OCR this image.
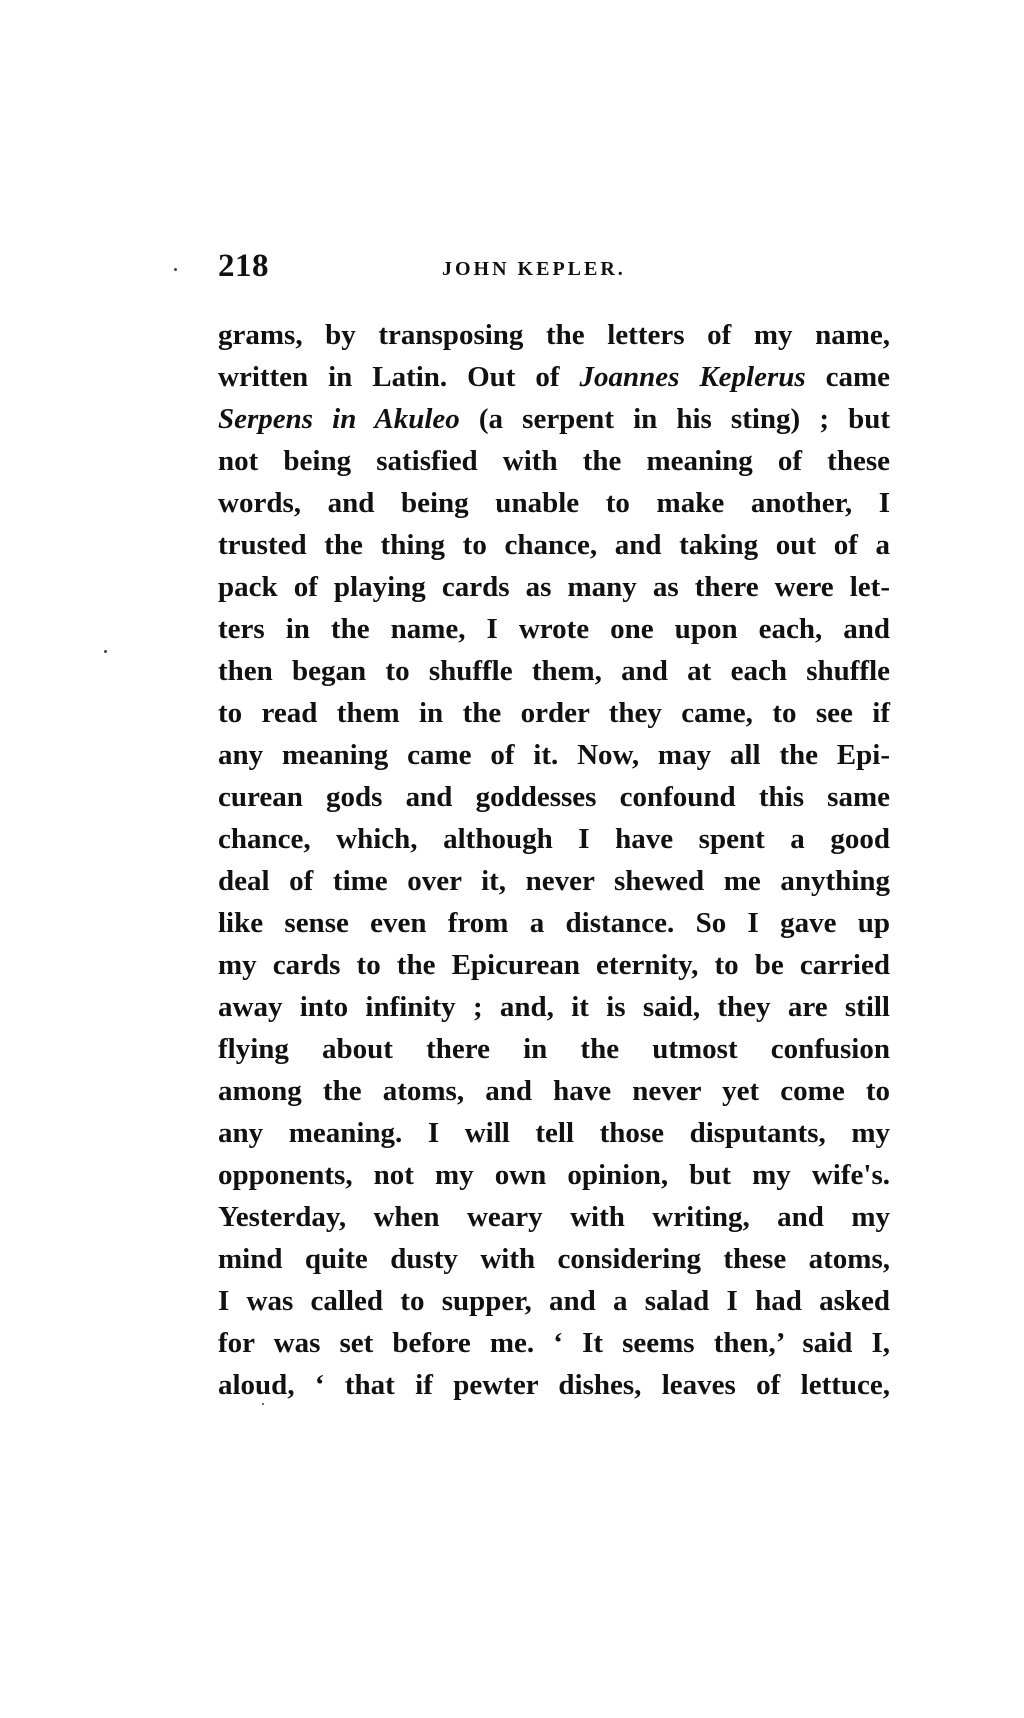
218	JOHN KEPLER.
grams, by transposing the letters of my name,
written in Latin. Out of Joannes Keplerus came
Serpens in Akuleo (a serpent in his sting) ; but
not being satisfied with the meaning of these
words, and being unable to make another, I
trusted the thing to chance, and taking out of a
pack of playing cards as many as there were let-
ters in the name, I wrote one upon each, and
then began to shuffle them, and at each shuffle
to read them in the order they came, to see if
any meaning came of it. Now, may all the Epi-
curean gods and goddesses confound this same
chance, which, although I have spent a good
deal of time over it, never shewed me anything
like sense even from a distance. So I gave up
my cards to the Epicurean eternity, to be carried
away into infinity ; and, it is said, they are still
flying about there in the utmost confusion
among the atoms, and have never yet come to
any meaning. I will tell those disputants, my
opponents, not my own opinion, but my wife's.
Yesterday, when weary with writing, and my
mind quite dusty with considering these atoms,
I was called to supper, and a salad I had asked
for was set before me. ‘ It seems then,’ said I,
aloud, ‘ that if pewter dishes, leaves of lettuce,
